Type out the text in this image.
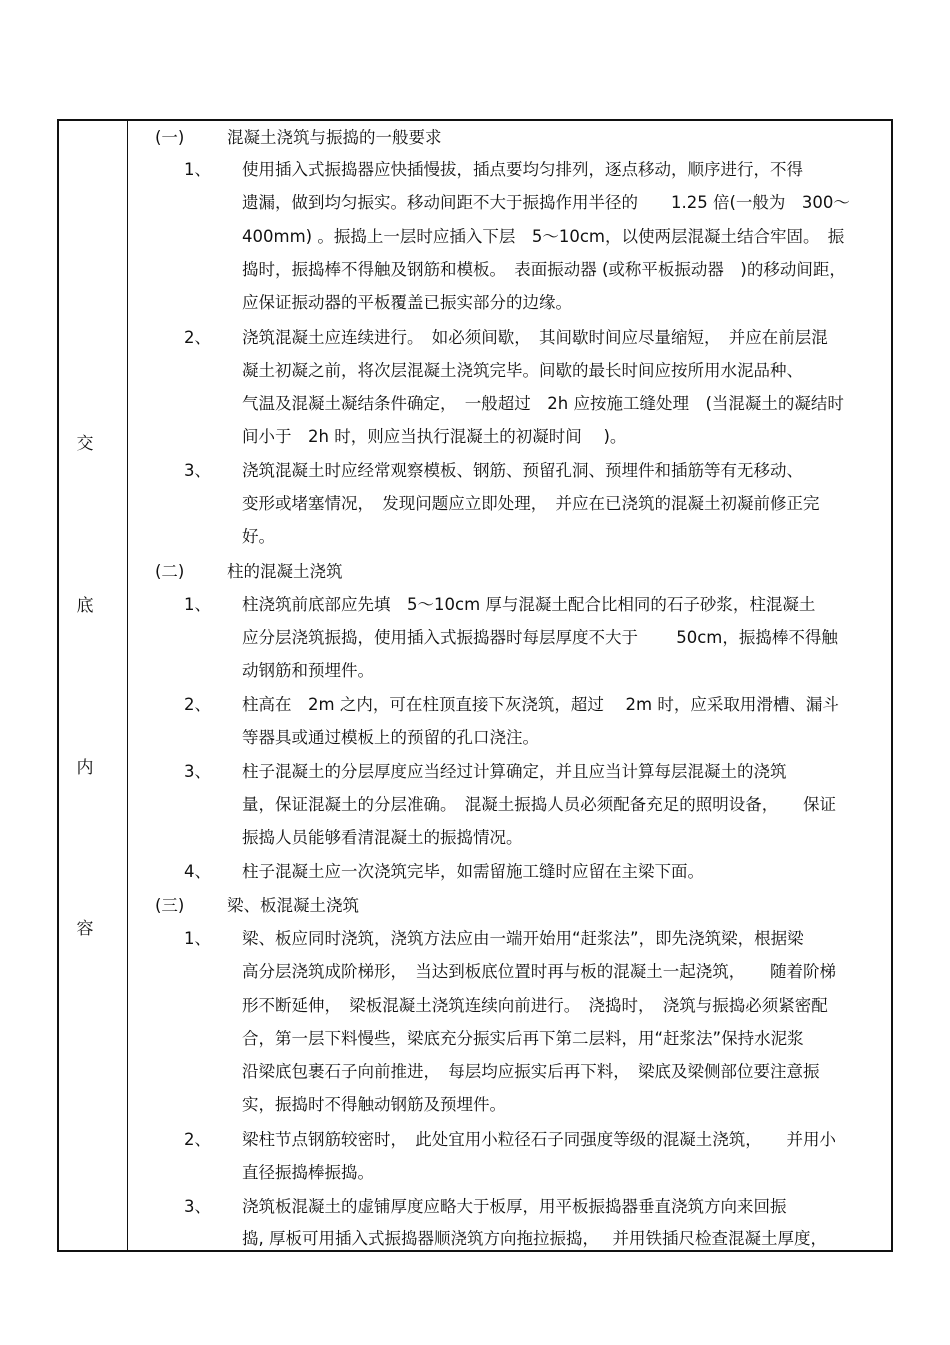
交
底
内
容
(一)	混凝土浇筑与振捣的一般要求
1、 使用插入式振捣器应快插慢拔，插点要均匀排列，逐点移动，顺序进行，不得
遗漏，做到均匀振实。移动间距不大于振捣作用半径的　　1.25 倍(一般为　300～
400mm) 。振捣上一层时应插入下层　5～10cm，以使两层混凝土结合牢固。　振
捣时，振捣棒不得触及钢筋和模板。　表面振动器 (或称平板振动器　)的移动间距，
应保证振动器的平板覆盖已振实部分的边缘。
2、 浇筑混凝土应连续进行。　如必须间歇，　其间歇时间应尽量缩短，　并应在前层混
凝土初凝之前，将次层混凝土浇筑完毕。间歇的最长时间应按所用水泥品种、
气温及混凝土凝结条件确定，　一般超过　2h 应按施工缝处理　(当混凝土的凝结时
间小于　2h 时，则应当执行混凝土的初凝时间　 )。
3、 浇筑混凝土时应经常观察模板、钢筋、预留孔洞、预埋件和插筋等有无移动、
变形或堵塞情况，　发现问题应立即处理，　并应在已浇筑的混凝土初凝前修正完
好。
(二)	柱的混凝土浇筑
1、 柱浇筑前底部应先填　5～10cm 厚与混凝土配合比相同的石子砂浆，柱混凝土
应分层浇筑振捣，使用插入式振捣器时每层厚度不大于　　 50cm，振捣棒不得触
动钢筋和预埋件。
2、 柱高在　2m 之内，可在柱顶直接下灰浇筑，超过　 2m 时，应采取用滑槽、漏斗
等器具或通过模板上的预留的孔口浇注。
3、 柱子混凝土的分层厚度应当经过计算确定，并且应当计算每层混凝土的浇筑
量，保证混凝土的分层准确。　混凝土振捣人员必须配备充足的照明设备，　　保证
振捣人员能够看清混凝土的振捣情况。
4、 柱子混凝土应一次浇筑完毕，如需留施工缝时应留在主梁下面。
(三)	梁、板混凝土浇筑
1、 梁、板应同时浇筑，浇筑方法应由一端开始用“赶浆法”，即先浇筑梁，根据梁
高分层浇筑成阶梯形，　当达到板底位置时再与板的混凝土一起浇筑，　　随着阶梯
形不断延伸，　梁板混凝土浇筑连续向前进行。　浇捣时，　浇筑与振捣必须紧密配
合，第一层下料慢些，梁底充分振实后再下第二层料，用“赶浆法”保持水泥浆
沿梁底包裹石子向前推进，　每层均应振实后再下料，　梁底及梁侧部位要注意振
实，振捣时不得触动钢筋及预埋件。
2、 梁柱节点钢筋较密时，　此处宜用小粒径石子同强度等级的混凝土浇筑，　　并用小
直径振捣棒振捣。
3、 浇筑板混凝土的虚铺厚度应略大于板厚，用平板振捣器垂直浇筑方向来回振
捣, 厚板可用插入式振捣器顺浇筑方向拖拉振捣，　 并用铁插尺检查混凝土厚度，
